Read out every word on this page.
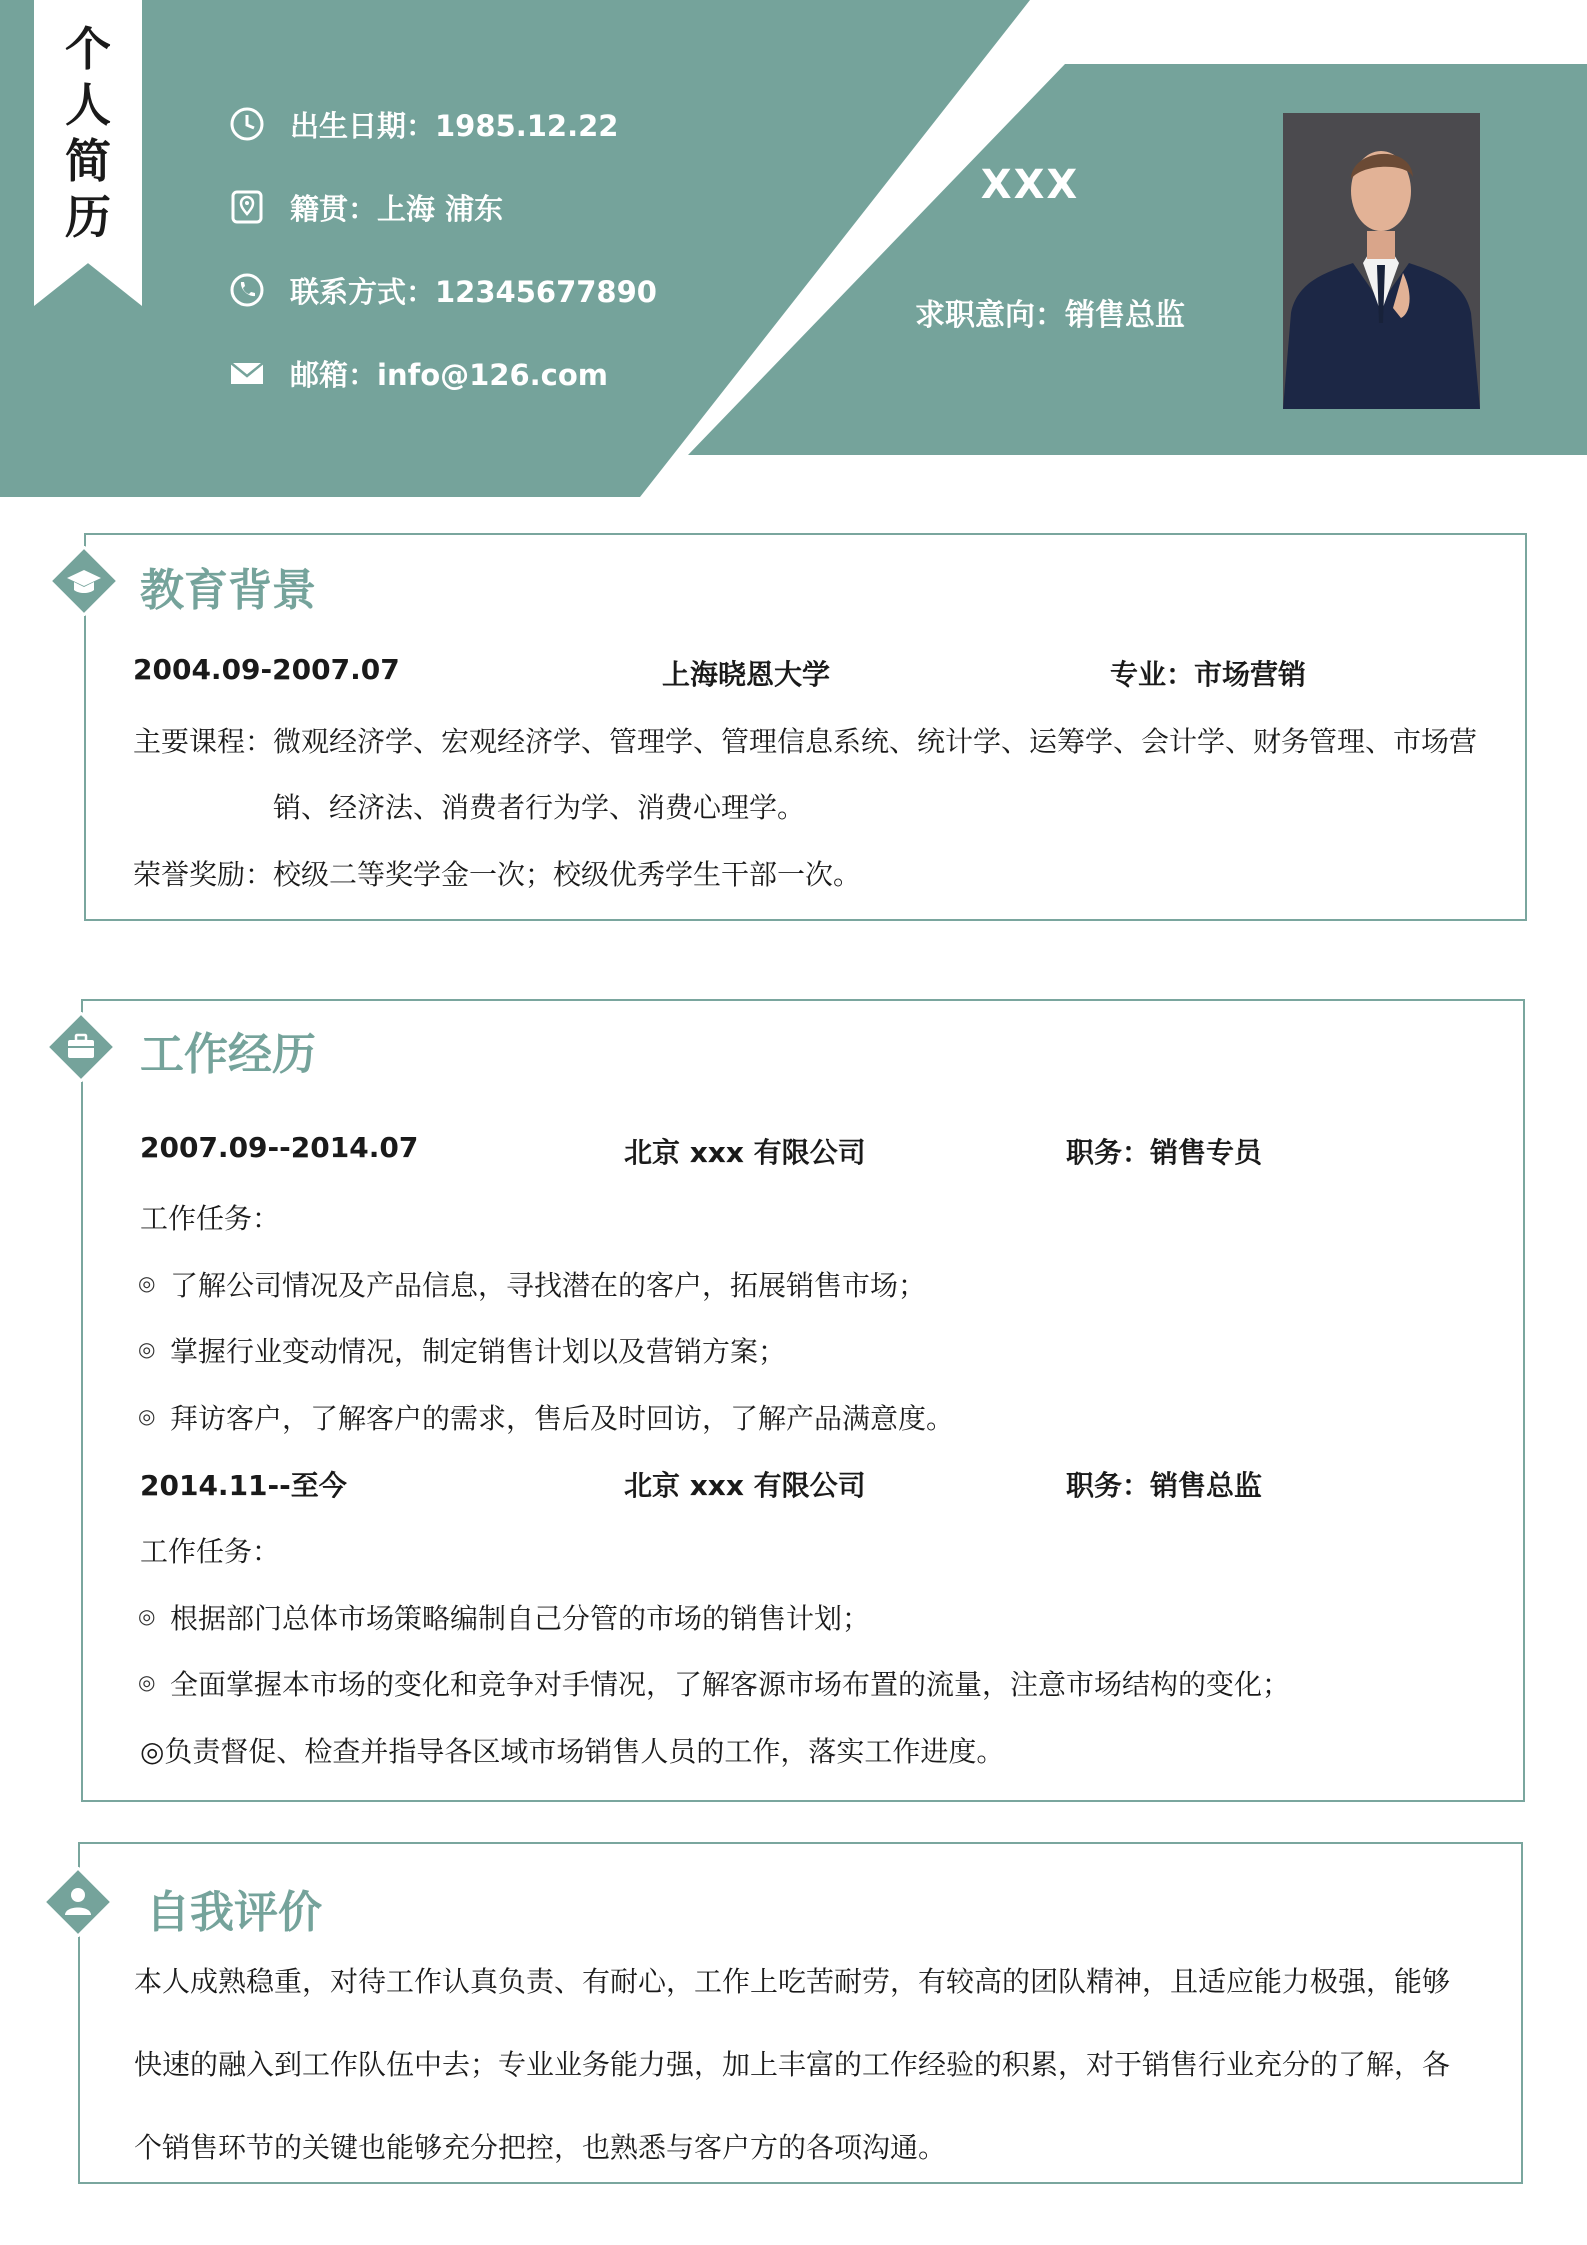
个
人
简
历
出生日期：1985.12.22
籍贯：上海 浦东
联系方式：12345677890
邮箱：info@126.com
XXX
求职意向：销售总监
教育背景
2004.09-2007.07	上海晓恩大学	专业：市场营销
主要课程：微观经济学、宏观经济学、管理学、管理信息系统、统计学、运筹学、会计学、财务管理、市场营
销、经济法、消费者行为学、消费心理学。
荣誉奖励：校级二等奖学金一次；校级优秀学生干部一次。
工作经历
2007.09--2014.07	北京 xxx 有限公司	职务：销售专员
工作任务：
◎ 了解公司情况及产品信息，寻找潜在的客户，拓展销售市场；
◎ 掌握行业变动情况，制定销售计划以及营销方案；
◎ 拜访客户，了解客户的需求，售后及时回访，了解产品满意度。
2014.11--至今	北京 xxx 有限公司	职务：销售总监
工作任务：
◎ 根据部门总体市场策略编制自己分管的市场的销售计划；
◎ 全面掌握本市场的变化和竞争对手情况，了解客源市场布置的流量，注意市场结构的变化；
◎负责督促、检查并指导各区域市场销售人员的工作，落实工作进度。
自我评价
本人成熟稳重，对待工作认真负责、有耐心，工作上吃苦耐劳，有较高的团队精神，且适应能力极强，能够
快速的融入到工作队伍中去；专业业务能力强，加上丰富的工作经验的积累，对于销售行业充分的了解，各
个销售环节的关键也能够充分把控，也熟悉与客户方的各项沟通。
